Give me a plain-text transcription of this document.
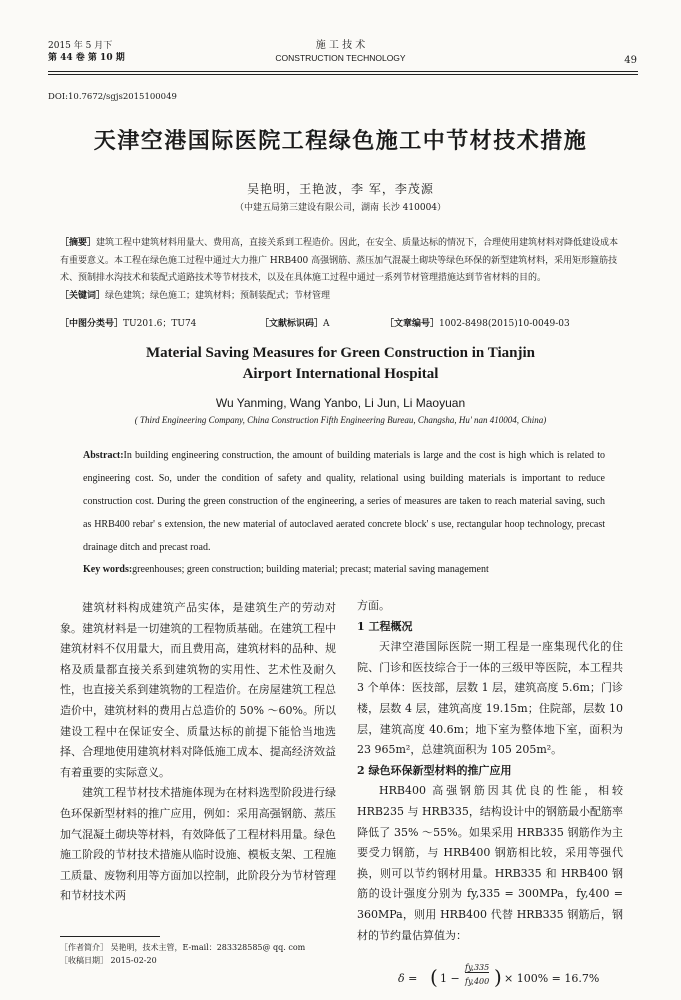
2015 年 5 月下
第 44 卷 第 10 期
施 工 技 术
CONSTRUCTION TECHNOLOGY	49
DOI:10.7672/sgjs2015100049
天津空港国际医院工程绿色施工中节材技术措施
吴艳明，王艳波，李 军，李茂源
（中建五局第三建设有限公司，湖南 长沙 410004）

［摘要］建筑工程中建筑材料用量大、费用高，直接关系到工程造价。因此，在安全、质量达标的情况下，合理使用建筑材料对降低建设成本有重要意义。本工程在绿色施工过程中通过大力推广 HRB400 高强钢筋、蒸压加气混凝土砌块等绿色环保的新型建筑材料，采用矩形箍筋技术、预制排水沟技术和装配式道路技术等节材技术，以及在具体施工过程中通过一系列节材管理措施达到节省材料的目的。

［关键词］绿色建筑；绿色施工；建筑材料；预制装配式；节材管理

［中图分类号］TU201.6；TU74	［文献标识码］A	［文章编号］1002-8498(2015)10-0049-03
Material Saving Measures for Green Construction in Tianjin
Airport International Hospital
Wu Yanming, Wang Yanbo, Li Jun, Li Maoyuan
( Third Engineering Company, China Construction Fifth Engineering Bureau, Changsha, Hu' nan 410004, China)
Abstract:In building engineering construction, the amount of building materials is large and the cost is high which is related to engineering cost. So, under the condition of safety and quality, relational using building materials is important to reduce construction cost. During the green construction of the engineering, a series of measures are taken to reach material saving, such as HRB400 rebar' s extension, the new material of autoclaved aerated concrete block' s use, rectangular hoop technology, precast drainage ditch and precast road.
Key words:greenhouses; green construction; building material; precast; material saving management

建筑材料构成建筑产品实体，是建筑生产的劳动对象。建筑材料是一切建筑的工程物质基础。在建筑工程中建筑材料不仅用量大，而且费用高，建筑材料的品种、规格及质量都直接关系到建筑物的实用性、艺术性及耐久性，也直接关系到建筑物的工程造价。在房屋建筑工程总造价中，建筑材料的费用占总造价的 50% ～60%。所以建设工程中在保证安全、质量达标的前提下能恰当地选择、合理地使用建筑材料对降低施工成本、提高经济效益有着重要的实际意义。

建筑工程节材技术措施体现为在材料选型阶段进行绿色环保新型材料的推广应用，例如：采用高强钢筋、蒸压加气混凝土砌块等材料，有效降低了工程材料用量。绿色施工阶段的节材技术措施从临时设施、模板支架、工程施工质量、废物利用等方面加以控制，此阶段分为节材管理和节材技术两

方面。

1 工程概况

天津空港国际医院一期工程是一座集现代化的住院、门诊和医技综合于一体的三级甲等医院，本工程共 3 个单体：医技部，层数 1 层，建筑高度 5.6m；门诊楼，层数 4 层，建筑高度 19.15m；住院部，层数 10 层，建筑高度 40.6m；地下室为整体地下室，面积为 23 965m²，总建筑面积为 105 205m²。

2 绿色环保新型材料的推广应用

HRB400 高强钢筋因其优良的性能，相较 HRB235 与 HRB335，结构设计中的钢筋最小配筋率降低了 35% ～55%。如果采用 HRB335 钢筋作为主要受力钢筋，与 HRB400 钢筋相比较，采用等强代换，则可以节约钢材用量。HRB335 和 HRB400 钢筋的设计强度分别为 fy,335 = 300MPa，fy,400 = 360MPa，则用 HRB400 代替 HRB335 钢筋后，钢材的节约量估算值为：

δ = ( 1 −
fy,335
fy,400 ) × 100% = 16.7%
［作者简介］ 吴艳明，技术主管，E-mail：283328585@ qq. com
［收稿日期］ 2015-02-20
